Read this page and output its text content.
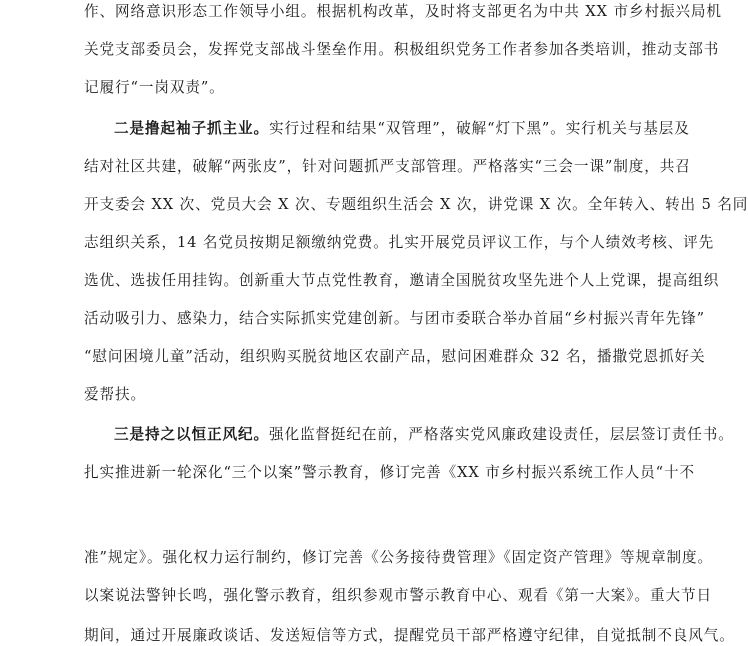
作、网络意识形态工作领导小组。根据机构改革，及时将支部更名为中共 XX 市乡村振兴局机
关党支部委员会，发挥党支部战斗堡垒作用。积极组织党务工作者参加各类培训，推动支部书
记履行“一岗双责”。
二是撸起袖子抓主业。实行过程和结果“双管理”，破解“灯下黑”。实行机关与基层及
结对社区共建，破解“两张皮”，针对问题抓严支部管理。严格落实“三会一课”制度，共召
开支委会 XX 次、党员大会 X 次、专题组织生活会 X 次，讲党课 X 次。全年转入、转出 5 名同
志组织关系，14 名党员按期足额缴纳党费。扎实开展党员评议工作，与个人绩效考核、评先
选优、选拔任用挂钩。创新重大节点党性教育，邀请全国脱贫攻坚先进个人上党课，提高组织
活动吸引力、感染力，结合实际抓实党建创新。与团市委联合举办首届“乡村振兴青年先锋”
“慰问困境儿童”活动，组织购买脱贫地区农副产品，慰问困难群众 32 名，播撒党恩抓好关
爱帮扶。
三是持之以恒正风纪。强化监督挺纪在前，严格落实党风廉政建设责任，层层签订责任书。
扎实推进新一轮深化“三个以案”警示教育，修订完善《XX 市乡村振兴系统工作人员“十不
准”规定》。强化权力运行制约，修订完善《公务接待费管理》《固定资产管理》等规章制度。
以案说法警钟长鸣，强化警示教育，组织参观市警示教育中心、观看《第一大案》。重大节日
期间，通过开展廉政谈话、发送短信等方式，提醒党员干部严格遵守纪律，自觉抵制不良风气。
